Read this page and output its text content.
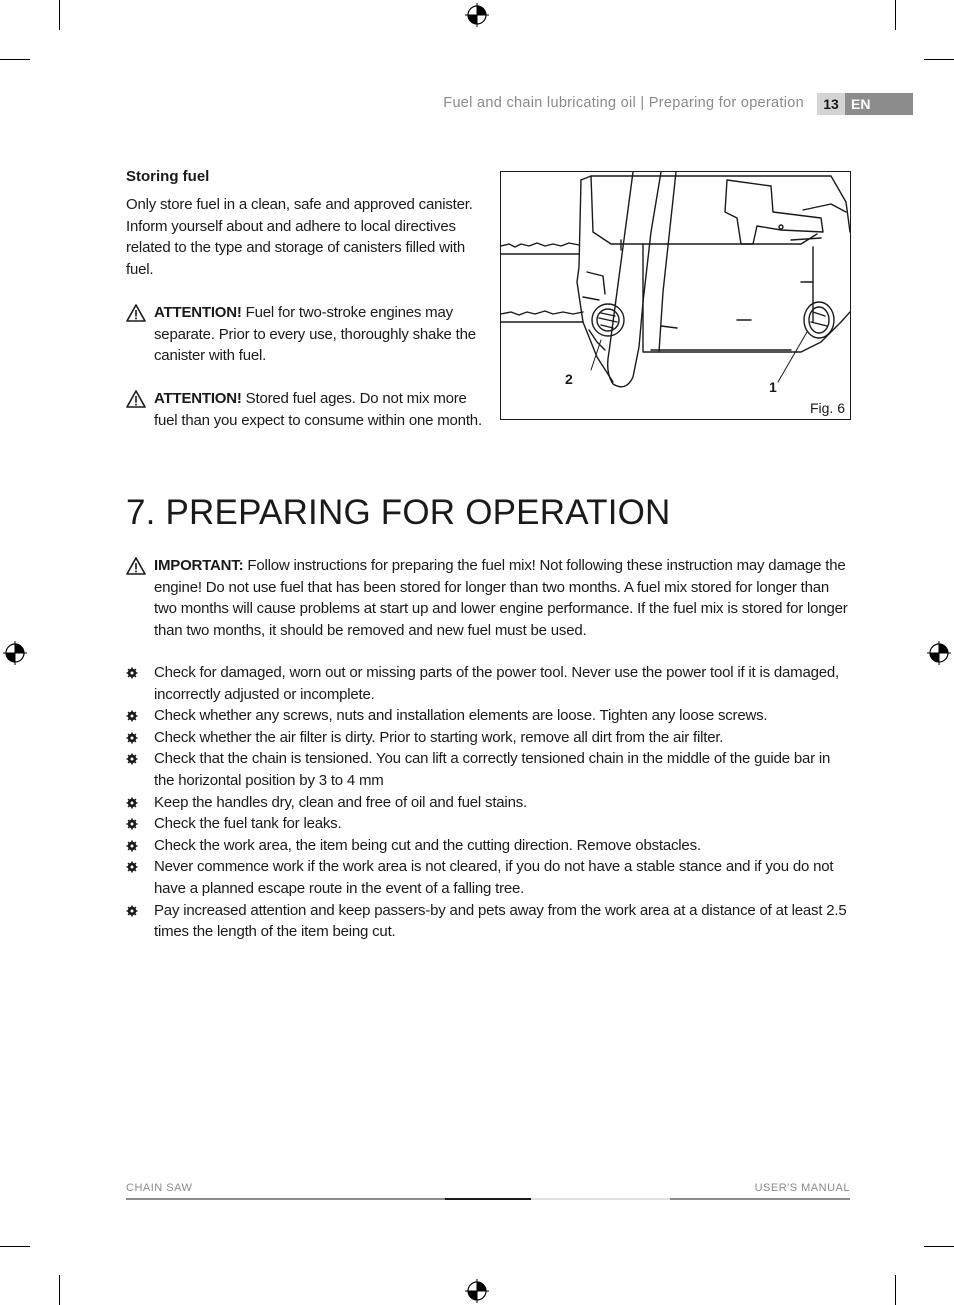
Fuel and chain lubricating oil | Preparing for operation	13 EN
Storing fuel
Only store fuel in a clean, safe and approved canister. Inform yourself about and adhere to local directives related to the type and storage of canisters filled with fuel.
ATTENTION! Fuel for two-stroke engines may separate. Prior to every use, thoroughly shake the canister with fuel.
ATTENTION! Stored fuel ages. Do not mix more fuel than you expect to consume within one month.
2	1
Fig. 6
7. PREPARING FOR OPERATION
IMPORTANT: Follow instructions for preparing the fuel mix! Not following these instruction may damage the engine! Do not use fuel that has been stored for longer than two months. A fuel mix stored for longer than two months will cause problems at start up and lower engine performance. If the fuel mix is stored for longer than two months, it should be removed and new fuel must be used.
Check for damaged, worn out or missing parts of the power tool. Never use the power tool if it is damaged, incorrectly adjusted or incomplete.
Check whether any screws, nuts and installation elements are loose. Tighten any loose screws.
Check whether the air filter is dirty. Prior to starting work, remove all dirt from the air filter.
Check that the chain is tensioned. You can lift a correctly tensioned chain in the middle of the guide bar in the horizontal position by 3 to 4 mm
Keep the handles dry, clean and free of oil and fuel stains.
Check the fuel tank for leaks.
Check the work area, the item being cut and the cutting direction. Remove obstacles.
Never commence work if the work area is not cleared, if you do not have a stable stance and if you do not have a planned escape route in the event of a falling tree.
Pay increased attention and keep passers-by and pets away from the work area at a distance of at least 2.5 times the length of the item being cut.
CHAIN SAW	USER'S MANUAL
